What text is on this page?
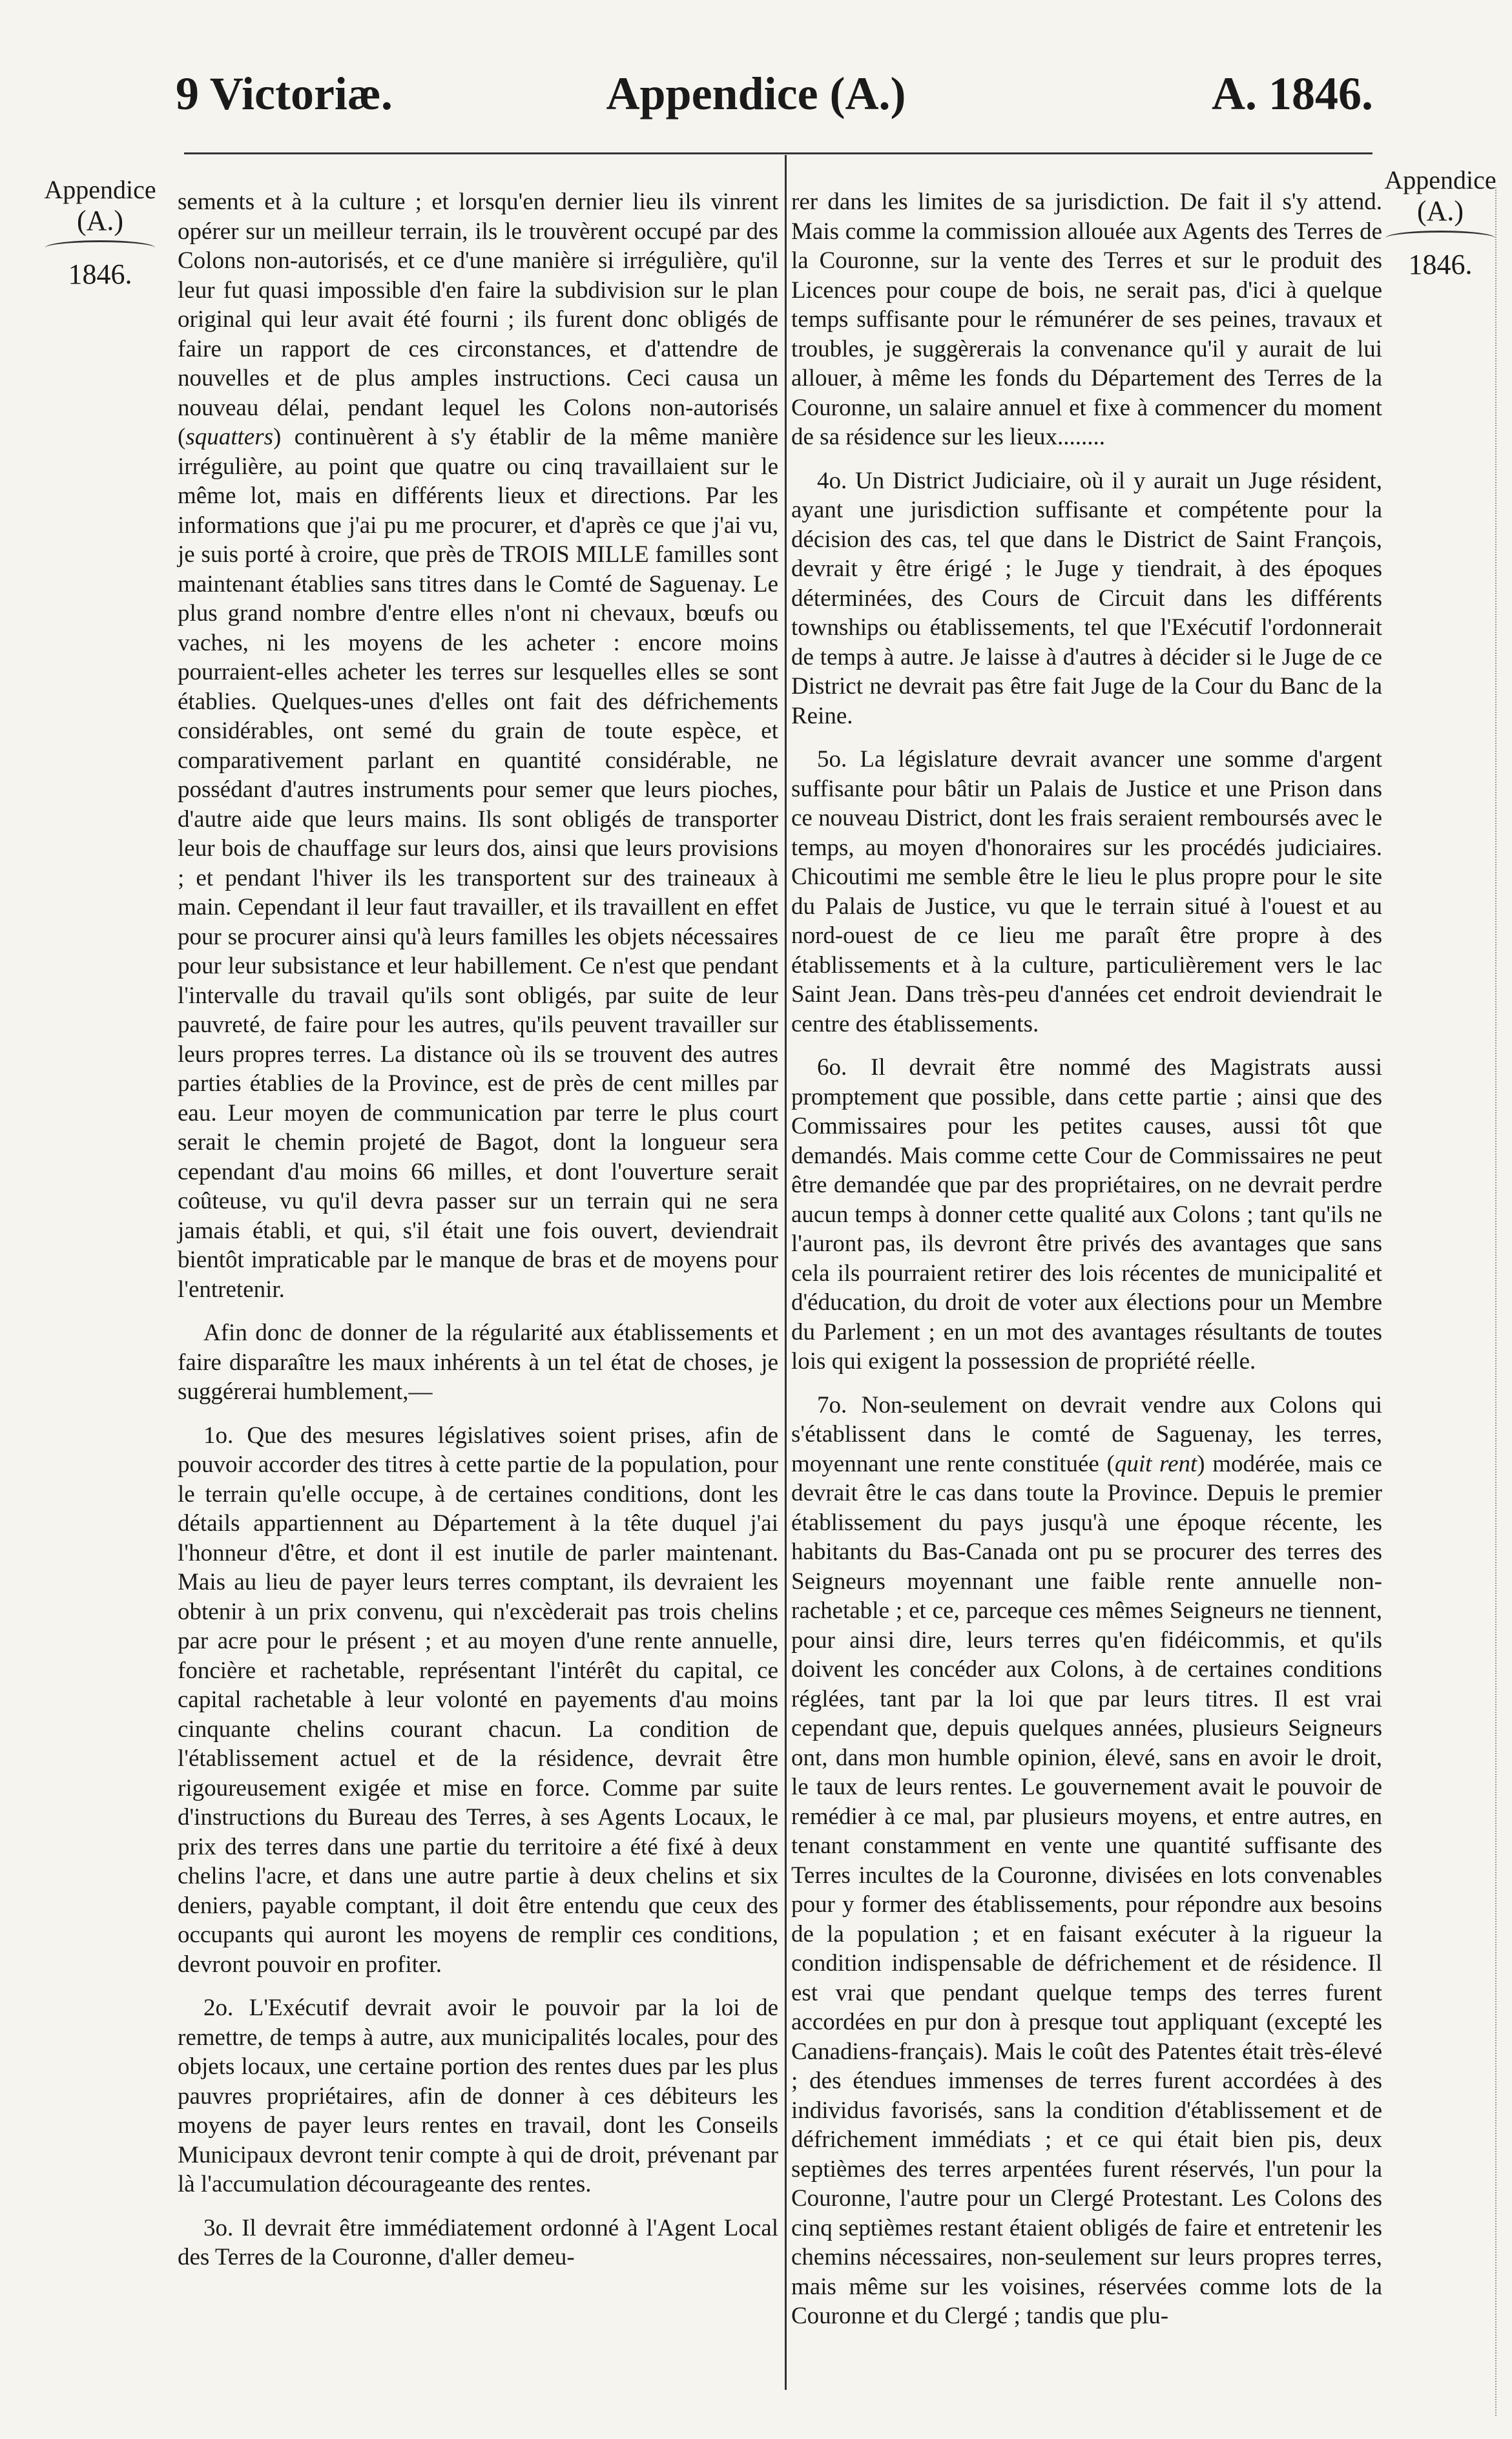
Appendice (A.)
9 Victoriæ.	A. 1846.
Appendice
(A.)
1846.
Appendice
(A.)
1846.

sements et à la culture ; et lorsqu'en dernier lieu ils vinrent opérer sur un meilleur terrain, ils le trouvèrent occupé par des Colons non-autorisés, et ce d'une manière si irrégulière, qu'il leur fut quasi impossible d'en faire la subdivision sur le plan original qui leur avait été fourni ; ils furent donc obligés de faire un rapport de ces circonstances, et d'attendre de nouvelles et de plus amples instructions. Ceci causa un nouveau délai, pendant lequel les Colons non-autorisés (squatters) continuèrent à s'y établir de la même manière irrégulière, au point que quatre ou cinq travaillaient sur le même lot, mais en différents lieux et directions. Par les informations que j'ai pu me procurer, et d'après ce que j'ai vu, je suis porté à croire, que près de TROIS MILLE familles sont maintenant établies sans titres dans le Comté de Saguenay. Le plus grand nombre d'entre elles n'ont ni chevaux, bœufs ou vaches, ni les moyens de les acheter : encore moins pourraient-elles acheter les terres sur lesquelles elles se sont établies. Quelques-unes d'elles ont fait des défrichements considérables, ont semé du grain de toute espèce, et comparativement parlant en quantité considérable, ne possédant d'autres instruments pour semer que leurs pioches, d'autre aide que leurs mains. Ils sont obligés de transporter leur bois de chauffage sur leurs dos, ainsi que leurs provisions ; et pendant l'hiver ils les transportent sur des traineaux à main. Cependant il leur faut travailler, et ils travaillent en effet pour se procurer ainsi qu'à leurs familles les objets nécessaires pour leur subsistance et leur habillement. Ce n'est que pendant l'intervalle du travail qu'ils sont obligés, par suite de leur pauvreté, de faire pour les autres, qu'ils peuvent travailler sur leurs propres terres. La distance où ils se trouvent des autres parties établies de la Province, est de près de cent milles par eau. Leur moyen de communication par terre le plus court serait le chemin projeté de Bagot, dont la longueur sera cependant d'au moins 66 milles, et dont l'ouverture serait coûteuse, vu qu'il devra passer sur un terrain qui ne sera jamais établi, et qui, s'il était une fois ouvert, deviendrait bientôt impraticable par le manque de bras et de moyens pour l'entretenir.

Afin donc de donner de la régularité aux établissements et faire disparaître les maux inhérents à un tel état de choses, je suggérerai humblement,—

1o. Que des mesures législatives soient prises, afin de pouvoir accorder des titres à cette partie de la population, pour le terrain qu'elle occupe, à de certaines conditions, dont les détails appartiennent au Département à la tête duquel j'ai l'honneur d'être, et dont il est inutile de parler maintenant. Mais au lieu de payer leurs terres comptant, ils devraient les obtenir à un prix convenu, qui n'excèderait pas trois chelins par acre pour le présent ; et au moyen d'une rente annuelle, foncière et rachetable, représentant l'intérêt du capital, ce capital rachetable à leur volonté en payements d'au moins cinquante chelins courant chacun. La condition de l'établissement actuel et de la résidence, devrait être rigoureusement exigée et mise en force. Comme par suite d'instructions du Bureau des Terres, à ses Agents Locaux, le prix des terres dans une partie du territoire a été fixé à deux chelins l'acre, et dans une autre partie à deux chelins et six deniers, payable comptant, il doit être entendu que ceux des occupants qui auront les moyens de remplir ces conditions, devront pouvoir en profiter.

2o. L'Exécutif devrait avoir le pouvoir par la loi de remettre, de temps à autre, aux municipalités locales, pour des objets locaux, une certaine portion des rentes dues par les plus pauvres propriétaires, afin de donner à ces débiteurs les moyens de payer leurs rentes en travail, dont les Conseils Municipaux devront tenir compte à qui de droit, prévenant par là l'accumulation décourageante des rentes.

3o. Il devrait être immédiatement ordonné à l'Agent Local des Terres de la Couronne, d'aller demeu-

rer dans les limites de sa jurisdiction. De fait il s'y attend. Mais comme la commission allouée aux Agents des Terres de la Couronne, sur la vente des Terres et sur le produit des Licences pour coupe de bois, ne serait pas, d'ici à quelque temps suffisante pour le rémunérer de ses peines, travaux et troubles, je suggèrerais la convenance qu'il y aurait de lui allouer, à même les fonds du Département des Terres de la Couronne, un salaire annuel et fixe à commencer du moment de sa résidence sur les lieux........

4o. Un District Judiciaire, où il y aurait un Juge résident, ayant une jurisdiction suffisante et compétente pour la décision des cas, tel que dans le District de Saint François, devrait y être érigé ; le Juge y tiendrait, à des époques déterminées, des Cours de Circuit dans les différents townships ou établissements, tel que l'Exécutif l'ordonnerait de temps à autre. Je laisse à d'autres à décider si le Juge de ce District ne devrait pas être fait Juge de la Cour du Banc de la Reine.

5o. La législature devrait avancer une somme d'argent suffisante pour bâtir un Palais de Justice et une Prison dans ce nouveau District, dont les frais seraient remboursés avec le temps, au moyen d'honoraires sur les procédés judiciaires. Chicoutimi me semble être le lieu le plus propre pour le site du Palais de Justice, vu que le terrain situé à l'ouest et au nord-ouest de ce lieu me paraît être propre à des établissements et à la culture, particulièrement vers le lac Saint Jean. Dans très-peu d'années cet endroit deviendrait le centre des établissements.

6o. Il devrait être nommé des Magistrats aussi promptement que possible, dans cette partie ; ainsi que des Commissaires pour les petites causes, aussi tôt que demandés. Mais comme cette Cour de Commissaires ne peut être demandée que par des propriétaires, on ne devrait perdre aucun temps à donner cette qualité aux Colons ; tant qu'ils ne l'auront pas, ils devront être privés des avantages que sans cela ils pourraient retirer des lois récentes de municipalité et d'éducation, du droit de voter aux élections pour un Membre du Parlement ; en un mot des avantages résultants de toutes lois qui exigent la possession de propriété réelle.

7o. Non-seulement on devrait vendre aux Colons qui s'établissent dans le comté de Saguenay, les terres, moyennant une rente constituée (quit rent) modérée, mais ce devrait être le cas dans toute la Province. Depuis le premier établissement du pays jusqu'à une époque récente, les habitants du Bas-Canada ont pu se procurer des terres des Seigneurs moyennant une faible rente annuelle non-rachetable ; et ce, parceque ces mêmes Seigneurs ne tiennent, pour ainsi dire, leurs terres qu'en fidéicommis, et qu'ils doivent les concéder aux Colons, à de certaines conditions réglées, tant par la loi que par leurs titres. Il est vrai cependant que, depuis quelques années, plusieurs Seigneurs ont, dans mon humble opinion, élevé, sans en avoir le droit, le taux de leurs rentes. Le gouvernement avait le pouvoir de remédier à ce mal, par plusieurs moyens, et entre autres, en tenant constamment en vente une quantité suffisante des Terres incultes de la Couronne, divisées en lots convenables pour y former des établissements, pour répondre aux besoins de la population ; et en faisant exécuter à la rigueur la condition indispensable de défrichement et de résidence. Il est vrai que pendant quelque temps des terres furent accordées en pur don à presque tout appliquant (excepté les Canadiens-français). Mais le coût des Patentes était très-élevé ; des étendues immenses de terres furent accordées à des individus favorisés, sans la condition d'établissement et de défrichement immédiats ; et ce qui était bien pis, deux septièmes des terres arpentées furent réservés, l'un pour la Couronne, l'autre pour un Clergé Protestant. Les Colons des cinq septièmes restant étaient obligés de faire et entretenir les chemins nécessaires, non-seulement sur leurs propres terres, mais même sur les voisines, réservées comme lots de la Couronne et du Clergé ; tandis que plu-
